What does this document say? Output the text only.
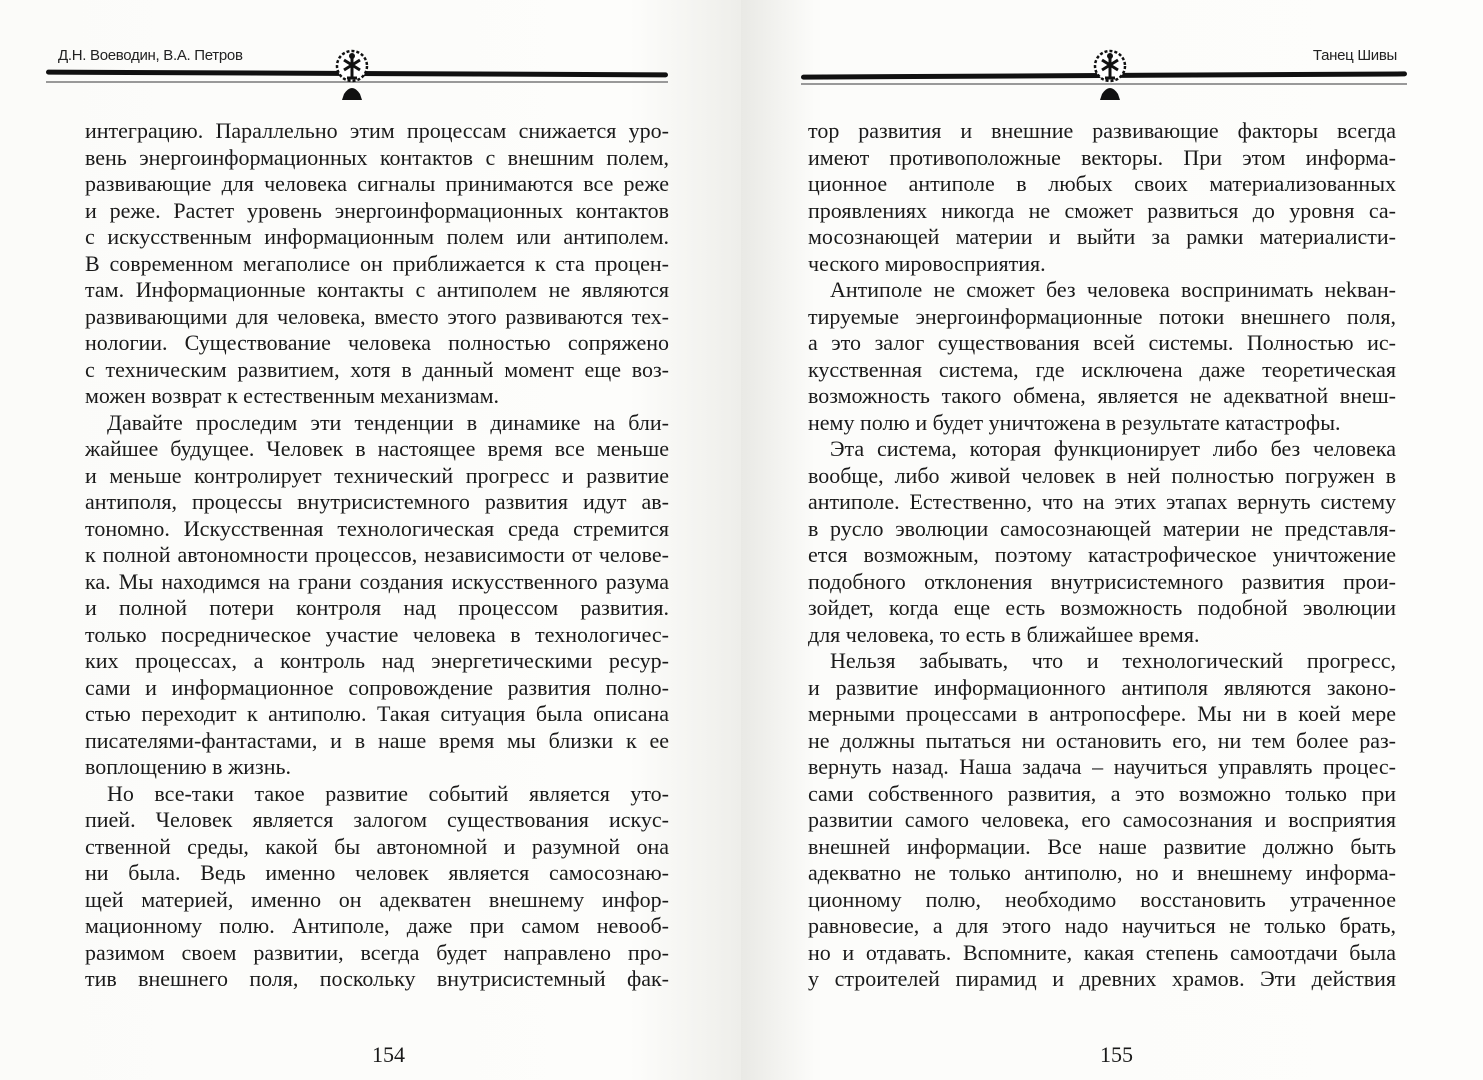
Д.Н. Воеводин, В.А. Петров
интеграцию. Параллельно этим процессам снижается уро-
вень энергоинформационных контактов с внешним полем,
развивающие для человека сигналы принимаются все реже
и реже. Растет уровень энергоинформационных контактов
с искусственным информационным полем или антиполем.
В современном мегаполисе он приближается к ста процен-
там. Информационные контакты с антиполем не являются
развивающими для человека, вместо этого развиваются тех-
нологии. Существование человека полностью сопряжено
с техническим развитием, хотя в данный момент еще воз-
можен возврат к естественным механизмам.
Давайте проследим эти тенденции в динамике на бли-
жайшее будущее. Человек в настоящее время все меньше
и меньше контролирует технический прогресс и развитие
антиполя, процессы внутрисистемного развития идут ав-
тономно. Искусственная технологическая среда стремится
к полной автономности процессов, независимости от челове-
ка. Мы находимся на грани создания искусственного разума
и полной потери контроля над процессом развития.
только посредническое участие человека в технологичес-
ких процессах, а контроль над энергетическими ресур-
сами и информационное сопровождение развития полно-
стью переходит к антиполю. Такая ситуация была описана
писателями-фантастами, и в наше время мы близки к ее
воплощению в жизнь.
Но все-таки такое развитие событий является уто-
пией. Человек является залогом существования искус-
ственной среды, какой бы автономной и разумной она
ни была. Ведь именно человек является самосознаю-
щей материей, именно он адекватен внешнему инфор-
мационному полю. Антиполе, даже при самом невооб-
разимом своем развитии, всегда будет направлено про-
тив внешнего поля, поскольку внутрисистемный фак-
154
Танец Шивы
тор развития и внешние развивающие факторы всегда
имеют противоположные векторы. При этом информа-
ционное антиполе в любых своих материализованных
проявлениях никогда не сможет развиться до уровня са-
мосознающей материи и выйти за рамки материалисти-
ческого мировосприятия.
Антиполе не сможет без человека воспринимать неkван-
тируемые энергоинформационные потоки внешнего поля,
а это залог существования всей системы. Полностью ис-
кусственная система, где исключена даже теоретическая
возможность такого обмена, является не адекватной внеш-
нему полю и будет уничтожена в результате катастрофы.
Эта система, которая функционирует либо без человека
вообще, либо живой человек в ней полностью погружен в
антиполе. Естественно, что на этих этапах вернуть систему
в русло эволюции самосознающей материи не представля-
ется возможным, поэтому катастрофическое уничтожение
подобного отклонения внутрисистемного развития прои-
зойдет, когда еще есть возможность подобной эволюции
для человека, то есть в ближайшее время.
Нельзя забывать, что и технологический прогресс,
и развитие информационного антиполя являются законо-
мерными процессами в антропосфере. Мы ни в коей мере
не должны пытаться ни остановить его, ни тем более раз-
вернуть назад. Наша задача – научиться управлять процес-
сами собственного развития, а это возможно только при
развитии самого человека, его самосознания и восприятия
внешней информации. Все наше развитие должно быть
адекватно не только антиполю, но и внешнему информа-
ционному полю, необходимо восстановить утраченное
равновесие, а для этого надо научиться не только брать,
но и отдавать. Вспомните, какая степень самоотдачи была
у строителей пирамид и древних храмов. Эти действия
155
